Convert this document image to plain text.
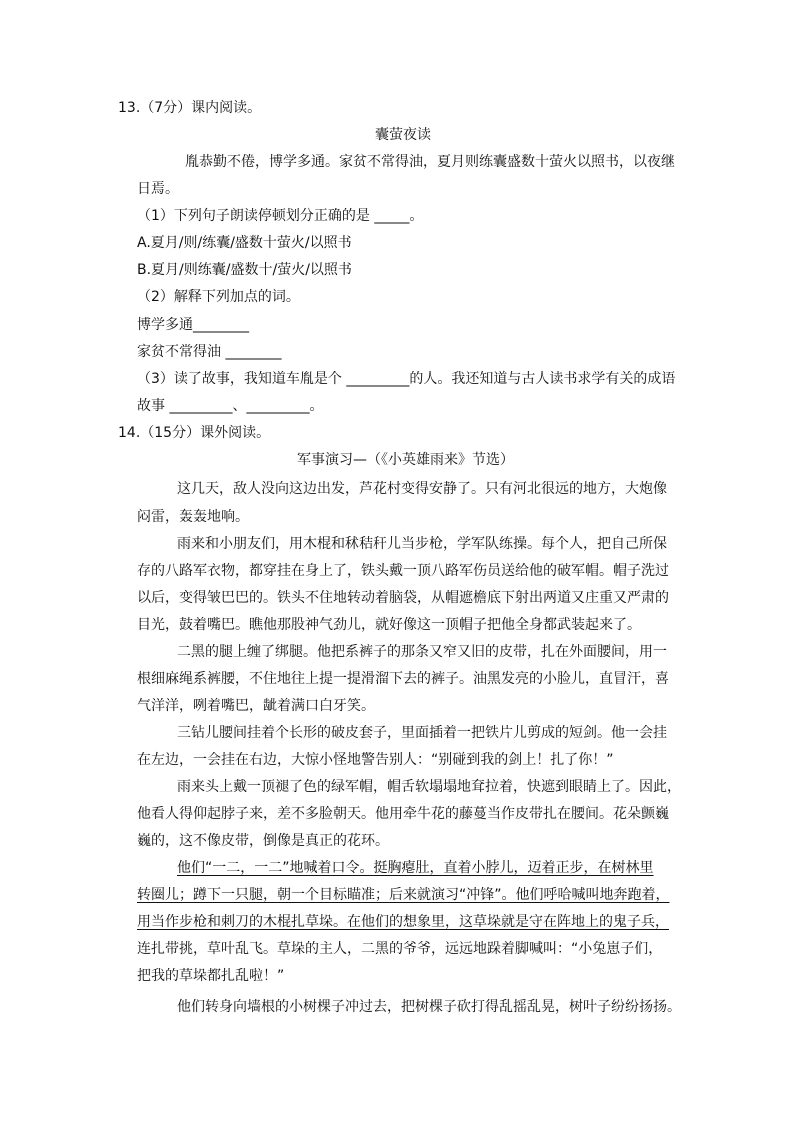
13.（7分）课内阅读。
囊萤夜读
胤恭勤不倦，博学多通。家贫不常得油，夏月则练囊盛数十萤火以照书，以夜继
日焉。
（1）下列句子朗读停顿划分正确的是 _____。
A.夏月/则/练囊/盛数十萤火/以照书
B.夏月/则练囊/盛数十/萤火/以照书
（2）解释下列加点的词。
博学多通________
家贫不常得油 ________
（3）读了故事，我知道车胤是个 _________的人。我还知道与古人读书求学有关的成语
故事 _________、_________。
14.（15分）课外阅读。
军事演习—（《小英雄雨来》节选）
这几天，敌人没向这边出发，芦花村变得安静了。只有河北很远的地方，大炮像
闷雷，轰轰地响。
雨来和小朋友们，用木棍和秫秸秆儿当步枪，学军队练操。每个人，把自己所保
存的八路军衣物，都穿挂在身上了，铁头戴一顶八路军伤员送给他的破军帽。帽子洗过
以后，变得皱巴巴的。铁头不住地转动着脑袋，从帽遮檐底下射出两道又庄重又严肃的
目光，鼓着嘴巴。瞧他那股神气劲儿，就好像这一顶帽子把他全身都武装起来了。
二黑的腿上缠了绑腿。他把系裤子的那条又窄又旧的皮带，扎在外面腰间，用一
根细麻绳系裤腰，不住地往上提一提滑溜下去的裤子。油黑发亮的小脸儿，直冒汗，喜
气洋洋，咧着嘴巴，龇着满口白牙笑。
三钻儿腰间挂着个长形的破皮套子，里面插着一把铁片儿剪成的短剑。他一会挂
在左边，一会挂在右边，大惊小怪地警告别人：“别碰到我的剑上！扎了你！”
雨来头上戴一顶褪了色的绿军帽，帽舌软塌塌地耷拉着，快遮到眼睛上了。因此，
他看人得仰起脖子来，差不多脸朝天。他用牵牛花的藤蔓当作皮带扎在腰间。花朵颤巍
巍的，这不像皮带，倒像是真正的花环。
他们“一二，一二”地喊着口令。挺胸瘪肚，直着小脖儿，迈着正步，在树林里
转圈儿；蹲下一只腿，朝一个目标瞄准；后来就演习“冲锋”。他们呼哈喊叫地奔跑着，
用当作步枪和刺刀的木棍扎草垛。在他们的想象里，这草垛就是守在阵地上的鬼子兵，
连扎带挑，草叶乱飞。草垛的主人，二黑的爷爷，远远地跺着脚喊叫：“小兔崽子们，
把我的草垛都扎乱啦！”
他们转身向墙根的小树棵子冲过去，把树棵子砍打得乱摇乱晃，树叶子纷纷扬扬。
